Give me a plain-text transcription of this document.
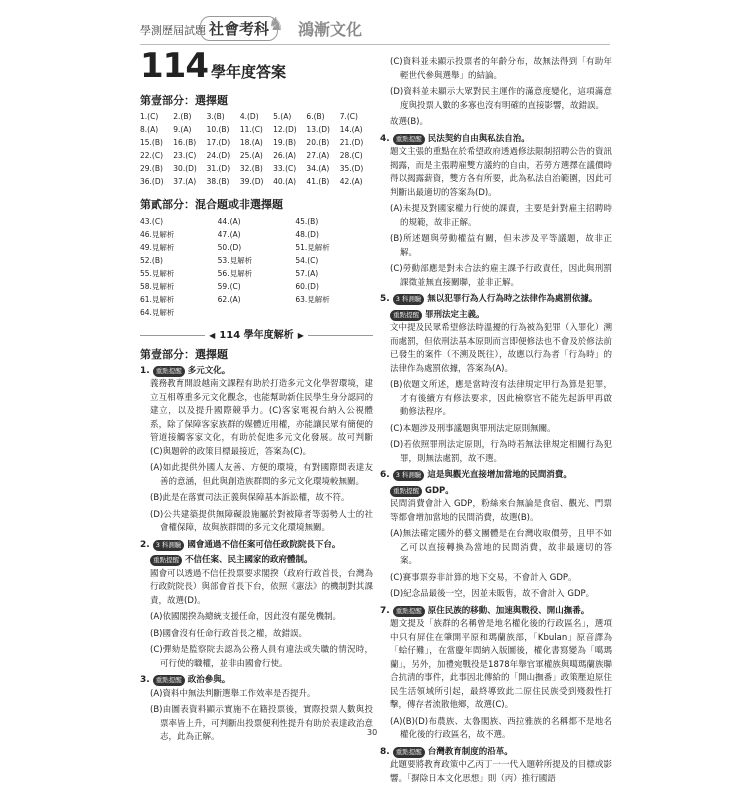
學測歷屆試題 社會考科
♞ 鴻漸文化
114 學年度答案
第壹部分：選擇題
1.(C)	2.(B)	3.(B)	4.(D)	5.(A)	6.(B)	7.(C)
8.(A)	9.(A)	10.(B)	11.(C)	12.(D)	13.(D)	14.(A)
15.(B)	16.(B)	17.(D)	18.(A)	19.(B)	20.(B)	21.(D)
22.(C)	23.(C)	24.(D)	25.(A)	26.(A)	27.(A)	28.(C)
29.(B)	30.(D)	31.(D)	32.(B)	33.(C)	34.(A)	35.(D)
36.(D)	37.(A)	38.(B)	39.(D)	40.(A)	41.(B)	42.(A)
第貳部分：混合題或非選擇題
43.(C)	44.(A)	45.(B)
46.見解析	47.(A)	48.(D)
49.見解析	50.(D)	51.見解析
52.(B)	53.見解析	54.(C)
55.見解析	56.見解析	57.(A)
58.見解析	59.(C)	60.(D)
61.見解析	62.(A)	63.見解析
64.見解析
◀ 114 學年度解析 ▶
第壹部分：選擇題
1. 重點提醒 多元文化。
義務教育開設越南文課程有助於打造多元文化學習環境，建立互相尊重多元文化觀念，也能幫助新住民學生身分認同的建立，以及提升國際競爭力。(C)客家電視台納入公視體系，除了保障客家族群的媒體近用權，亦能讓民眾有簡便的管道接觸客家文化，有助於促進多元文化發展。故可判斷(C)與題幹的政策目標最接近，答案為(C)。
(A)如此提供外國人友善、方便的環境，有對國際間表達友善的意涵，但此與創造族群間的多元文化環境較無關。
(B)此是在落實司法正義與保障基本訴訟權，故不符。
(D)公共建築提供無障礙設施屬於對被障者等弱勢人士的社會權保障，故與族群間的多元文化環境無關。
2. 3 科測驗 國會通過不信任案可信任政院院長下台。
重點提醒 不信任案、民主國家的政府體制。
國會可以透過不信任投票要求閣揆（政府行政首長，台灣為行政院院長）與部會首長下台，依照《憲法》的機制對其課責，故選(D)。
(A)依國閣揆為總統支援任命，因此沒有罷免機制。
(B)國會沒有任命行政首長之權，故錯誤。
(C)彈劾是監察院去認為公務人員有違法或失職的情況時，可行使的職權，並非由國會行使。
3. 重點提醒 政治參與。
(A)資料中無法判斷選舉工作效率是否提升。
(B)由圖表資料顯示實施不在籍投票後，實際投票人數與投票率皆上升，可判斷出投票便利性提升有助於表達政治意志，此為正解。
(C)資料並未顯示投票者的年齡分布，故無法得到「有助年輕世代參與選舉」的結論。
(D)資料並未顯示大眾對民主運作的滿意度變化，這項滿意度與投票人數的多寡也沒有明確的直接影響，故錯誤。
故選(B)。
4. 重點提醒 民法契約自由與私法自治。
題文主張的重點在於希望政府透過修法限制招聘公告的資訊揭露，而是主張聘雇雙方議約的自由，若勞方選擇在議價時得以揭露薪資，雙方各有所要，此為私法自治範圍，因此可判斷出最適切的答案為(D)。
(A)未提及對國家權力行使的課責，主要是針對雇主招聘時的規範，故非正解。
(B)所述題與勞動權益有關，但未涉及平等議題，故非正解。
(C)勞動部應是對未合法約雇主課予行政責任，因此與刑罰課徵並無直接關聯，並非正解。
5. 3 科測驗 無以犯罪行為人行為時之法律作為處罰依據。
重點提醒 罪刑法定主義。
文中提及民眾希望修法時溫擾的行為被為犯罪（入罪化）溯而處罰，但依刑法基本原則而言即便修法也不會及於修法前已發生的案件（不溯及既往），故應以行為者「行為時」的法律作為處罰依據，答案為(A)。
(B)依題文所述，應是當時沒有法律規定甲行為算是犯罪，才有後續方有修法要求，因此檢察官不能先起訴甲再啟動修法程序。
(C)本題涉及刑事議題與罪刑法定原則無關。
(D)若依照罪刑法定原則，行為時若無法律規定相關行為犯罪，則無法處罰，故不選。
6. 3 科測驗 這是與觀光直接增加當地的民間消費。
重點提醒 GDP。
民間消費會計入 GDP，粉絲來台無論是食宿、觀光、門票等都會增加當地的民間消費，故選(B)。
(A)無法確定國外的藝文團體是在台灣收取價勞，且甲不如乙可以直接轉換為當地的民間消費，故非最適切的答案。
(C)賽事票券非計算的地下交易，不會計入 GDP。
(D)紀念品最後一空，因並未販售，故不會計入 GDP。
7. 重點提醒 原住民族的移動、加速與戰役、開山撫番。
題文提及「族群的名稱曾是地名權化後的行政區名」，選項中只有屏住在肇開平原和瑪蘭族部，「Kbulan」原音譯為「蛤仔難」，在當慶年間納入版圖後，權化書寫變為「噶瑪蘭」，另外，加禮宛戰役是1878年舉官軍權族與噶瑪蘭族聯合抗清的事件，此事因北傳給的「開山撫番」政策壓迫原住民生活領域所引起，最終導致此二原住民族受到殘殺性打擊，傳存者流散他鄉，故選(C)。
(A)(B)(D)布農族、太魯閣族、西拉雅族的名稱都不是地名權化後的行政區名，故不選。
8. 重點提醒 台灣教育制度的沿革。
此題要將教育政策中乙丙丁一一代入題幹所提及的目標或影響。「摒除日本文化思想」則（丙）推行國語
30
